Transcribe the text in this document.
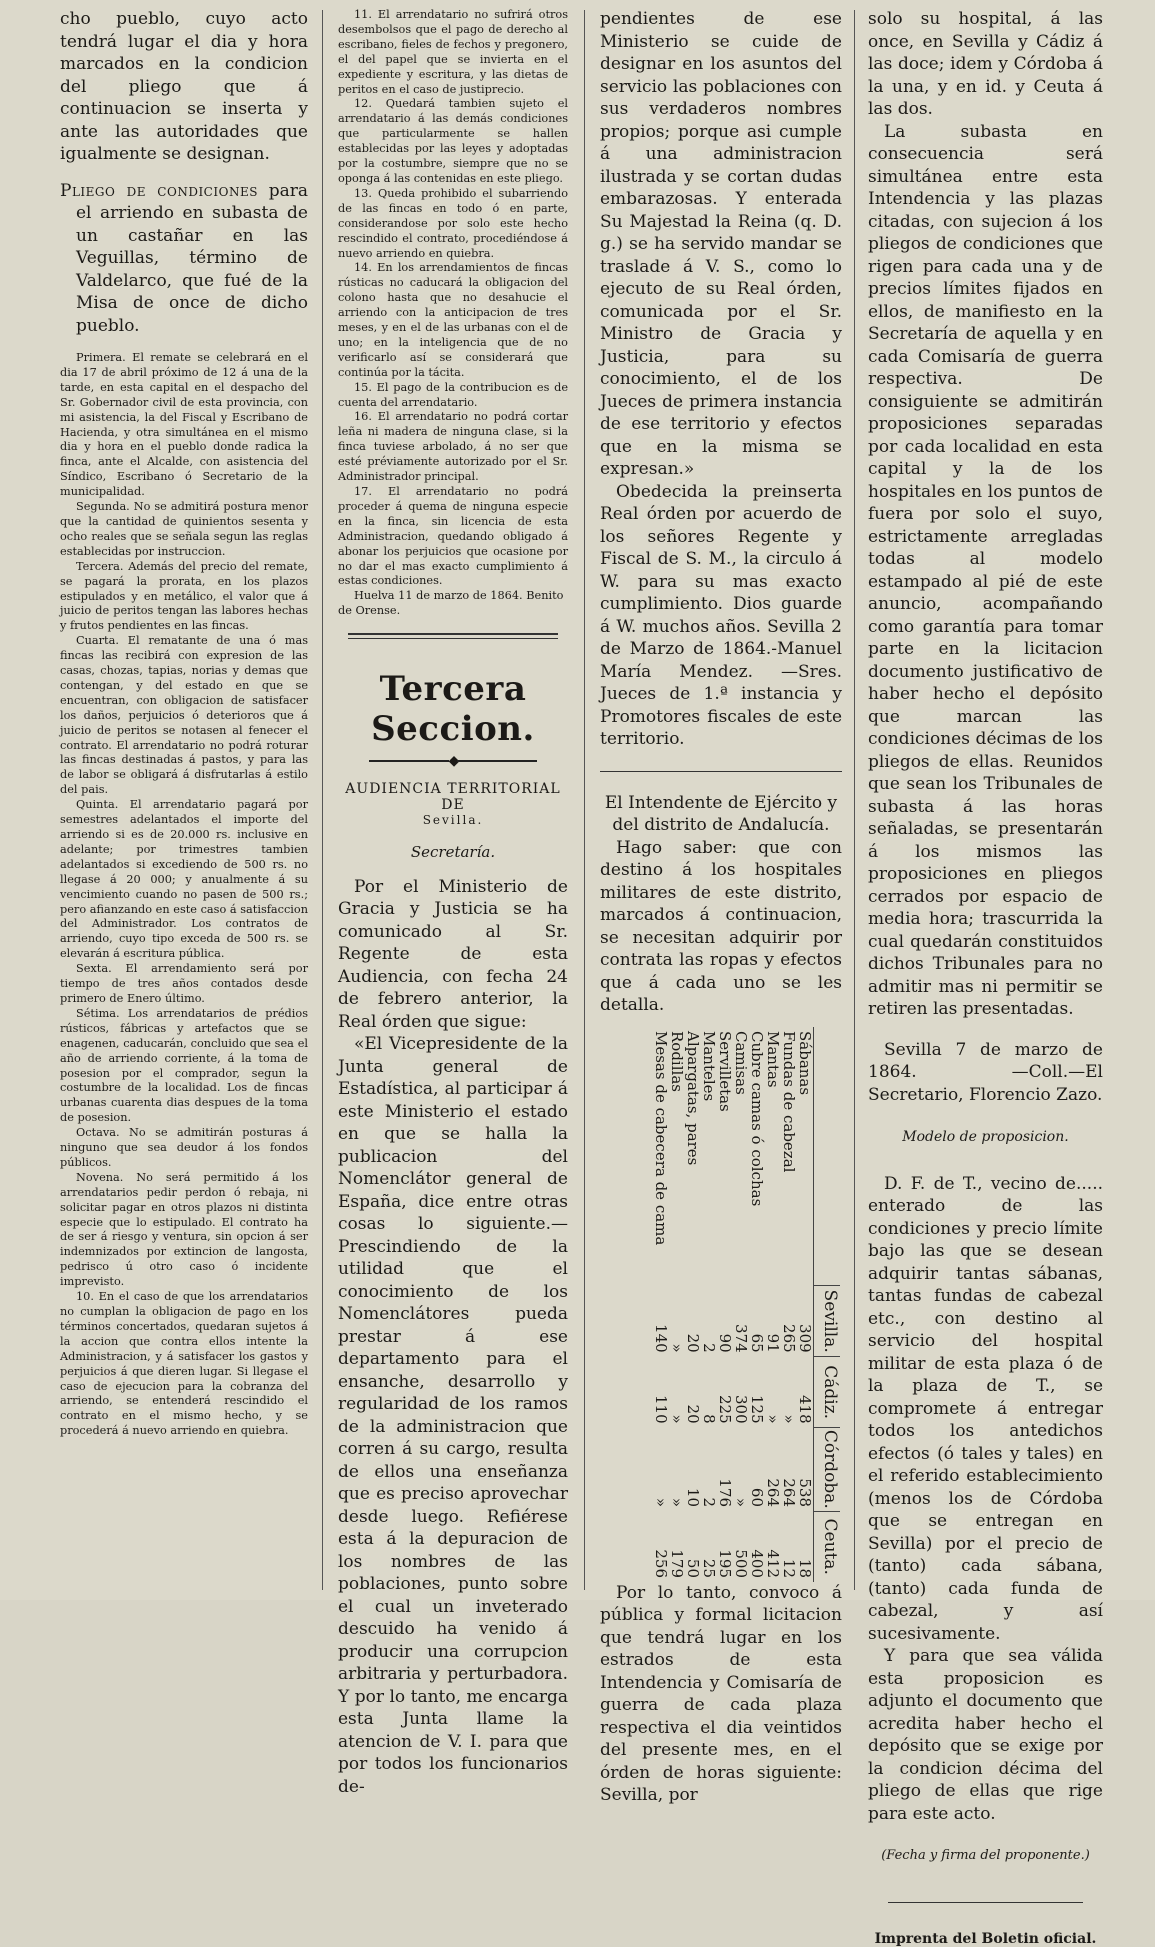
cho pueblo, cuyo acto tendrá lugar el dia y hora marcados en la condicion del pliego que á continuacion se inserta y ante las autoridades que igualmente se designan.

Pliego de condiciones para el arriendo en subasta de un castañar en las Veguillas, término de Valdelarco, que fué de la Misa de once de dicho pueblo.

Primera. El remate se celebrará en el dia 17 de abril próximo de 12 á una de la tarde, en esta capital en el despacho del Sr. Gobernador civil de esta provincia, con mi asistencia, la del Fiscal y Escribano de Hacienda, y otra simultánea en el mismo dia y hora en el pueblo donde radica la finca, ante el Alcalde, con asistencia del Síndico, Escribano ó Secretario de la municipalidad.

Segunda. No se admitirá postura menor que la cantidad de quinientos sesenta y ocho reales que se señala segun las reglas establecidas por instruccion.

Tercera. Además del precio del remate, se pagará la prorata, en los plazos estipulados y en metálico, el valor que á juicio de peritos tengan las labores hechas y frutos pendientes en las fincas.

Cuarta. El rematante de una ó mas fincas las recibirá con expresion de las casas, chozas, tapias, norias y demas que contengan, y del estado en que se encuentran, con obligacion de satisfacer los daños, perjuicios ó deterioros que á juicio de peritos se notasen al fenecer el contrato. El arrendatario no podrá roturar las fincas destinadas á pastos, y para las de labor se obligará á disfrutarlas á estilo del pais.

Quinta. El arrendatario pagará por semestres adelantados el importe del arriendo si es de 20.000 rs. inclusive en adelante; por trimestres tambien adelantados si excediendo de 500 rs. no llegase á 20 000; y anualmente á su vencimiento cuando no pasen de 500 rs.; pero afianzando en este caso á satisfaccion del Administrador. Los contratos de arriendo, cuyo tipo exceda de 500 rs. se elevarán á escritura pública.

Sexta. El arrendamiento será por tiempo de tres años contados desde primero de Enero último.

Sétima. Los arrendatarios de prédios rústicos, fábricas y artefactos que se enagenen, caducarán, concluido que sea el año de arriendo corriente, á la toma de posesion por el comprador, segun la costumbre de la localidad. Los de fincas urbanas cuarenta dias despues de la toma de posesion.

Octava. No se admitirán posturas á ninguno que sea deudor á los fondos públicos.

Novena. No será permitido á los arrendatarios pedir perdon ó rebaja, ni solicitar pagar en otros plazos ni distinta especie que lo estipulado. El contrato ha de ser á riesgo y ventura, sin opcion á ser indemnizados por extincion de langosta, pedrisco ú otro caso ó incidente imprevisto.

10. En el caso de que los arrendatarios no cumplan la obligacion de pago en los términos concertados, quedaran sujetos á la accion que contra ellos intente la Administracion, y á satisfacer los gastos y perjuicios á que dieren lugar. Si llegase el caso de ejecucion para la cobranza del arriendo, se entenderá rescindido el contrato en el mismo hecho, y se procederá á nuevo arriendo en quiebra.

11. El arrendatario no sufrirá otros desembolsos que el pago de derecho al escribano, fieles de fechos y pregonero, el del papel que se invierta en el expediente y escritura, y las dietas de peritos en el caso de justiprecio.

12. Quedará tambien sujeto el arrendatario á las demás condiciones que particularmente se hallen establecidas por las leyes y adoptadas por la costumbre, siempre que no se oponga á las contenidas en este pliego.

13. Queda prohibido el subarriendo de las fincas en todo ó en parte, considerandose por solo este hecho rescindido el contrato, procediéndose á nuevo arriendo en quiebra.

14. En los arrendamientos de fincas rústicas no caducará la obligacion del colono hasta que no desahucie el arriendo con la anticipacion de tres meses, y en el de las urbanas con el de uno; en la inteligencia que de no verificarlo así se considerará que continúa por la tácita.

15. El pago de la contribucion es de cuenta del arrendatario.

16. El arrendatario no podrá cortar leña ni madera de ninguna clase, si la finca tuviese arbolado, á no ser que esté préviamente autorizado por el Sr. Administrador principal.

17. El arrendatario no podrá proceder á quema de ninguna especie en la finca, sin licencia de esta Administracion, quedando obligado á abonar los perjuicios que ocasione por no dar el mas exacto cumplimiento á estas condiciones.

Huelva 11 de marzo de 1864. Benito de Orense.

Tercera Seccion.
◆
AUDIENCIA TERRITORIAL DE
Sevilla.

Secretaría.

Por el Ministerio de Gracia y Justicia se ha comunicado al Sr. Regente de esta Audiencia, con fecha 24 de febrero anterior, la Real órden que sigue:

«El Vicepresidente de la Junta general de Estadística, al participar á este Ministerio el estado en que se halla la publicacion del Nomenclátor general de España, dice entre otras cosas lo siguiente.—Prescindiendo de la utilidad que el conocimiento de los Nomenclátores pueda prestar á ese departamento para el ensanche, desarrollo y regularidad de los ramos de la administracion que corren á su cargo, resulta de ellos una enseñanza que es preciso aprovechar desde luego. Refiérese esta á la depuracion de los nombres de las poblaciones, punto sobre el cual un inveterado descuido ha venido á producir una corrupcion arbitraria y perturbadora. Y por lo tanto, me encarga esta Junta llame la atencion de V. I. para que por todos los funcionarios de-

pendientes de ese Ministerio se cuide de designar en los asuntos del servicio las poblaciones con sus verdaderos nombres propios; porque asi cumple á una administracion ilustrada y se cortan dudas embarazosas. Y enterada Su Majestad la Reina (q. D. g.) se ha servido mandar se traslade á V. S., como lo ejecuto de su Real órden, comunicada por el Sr. Ministro de Gracia y Justicia, para su conocimiento, el de los Jueces de primera instancia de ese territorio y efectos que en la misma se expresan.»

Obedecida la preinserta Real órden por acuerdo de los señores Regente y Fiscal de S. M., la circulo á W. para su mas exacto cumplimiento. Dios guarde á W. muchos años. Sevilla 2 de Marzo de 1864.-Manuel María Mendez. —Sres. Jueces de 1.ª instancia y Promotores fiscales de este territorio.

El Intendente de Ejército y del distrito de Andalucía.

Hago saber: que con destino á los hospitales militares de este distrito, marcados á continuacion, se necesitan adquirir por contrata las ropas y efectos que á cada uno se les detalla.

	Sevilla.	Cádiz.	Córdoba.	Ceuta.
Sábanas	309	418	538	18
Fundas de cabezal	265	»	264	12
Mantas	91	»	264	412
Cubre camas ó colchas	65	125	60	400
Camisas	374	300	»	500
Servilletas	90	225	176	195
Manteles	2	8	2	25
Alpargatas, pares	20	20	10	50
Rodillas	»	»	»	179
Mesas de cabecera de cama	140	110	»	256

Por lo tanto, convoco á pública y formal licitacion que tendrá lugar en los estrados de esta Intendencia y Comisaría de guerra de cada plaza respectiva el dia veintidos del presente mes, en el órden de horas siguiente: Sevilla, por

solo su hospital, á las once, en Sevilla y Cádiz á las doce; idem y Córdoba á la una, y en id. y Ceuta á las dos.

La subasta en consecuencia será simultánea entre esta Intendencia y las plazas citadas, con sujecion á los pliegos de condiciones que rigen para cada una y de precios límites fijados en ellos, de manifiesto en la Secretaría de aquella y en cada Comisaría de guerra respectiva. De consiguiente se admitirán proposiciones separadas por cada localidad en esta capital y la de los hospitales en los puntos de fuera por solo el suyo, estrictamente arregladas todas al modelo estampado al pié de este anuncio, acompañando como garantía para tomar parte en la licitacion documento justificativo de haber hecho el depósito que marcan las condiciones décimas de los pliegos de ellas. Reunidos que sean los Tribunales de subasta á las horas señaladas, se presentarán á los mismos las proposiciones en pliegos cerrados por espacio de media hora; trascurrida la cual quedarán constituidos dichos Tribunales para no admitir mas ni permitir se retiren las presentadas.

Sevilla 7 de marzo de 1864. —Coll.—El Secretario, Florencio Zazo.

Modelo de proposicion.

D. F. de T., vecino de..... enterado de las condiciones y precio límite bajo las que se desean adquirir tantas sábanas, tantas fundas de cabezal etc., con destino al servicio del hospital militar de esta plaza ó de la plaza de T., se compromete á entregar todos los antedichos efectos (ó tales y tales) en el referido establecimiento (menos los de Córdoba que se entregan en Sevilla) por el precio de (tanto) cada sábana, (tanto) cada funda de cabezal, y así sucesivamente.

Y para que sea válida esta proposicion es adjunto el documento que acredita haber hecho el depósito que se exige por la condicion décima del pliego de ellas que rige para este acto.

(Fecha y firma del proponente.)

Imprenta del Boletin oficial.
